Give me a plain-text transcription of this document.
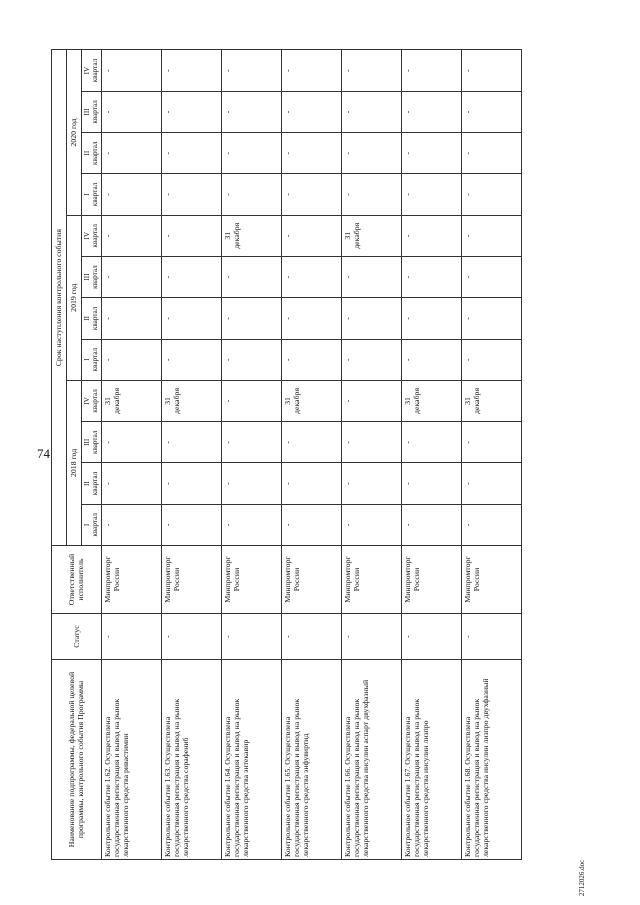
74
Наименование подпрограммы, федеральной целевой программы, контрольного события Программы	Статус	Ответственный исполнитель	Срок наступления контрольного события											
			2018 год				2019 год				2020 год			
			I
квартал	II
квартал	III
квартал	IV
квартал	I
квартал	II
квартал	III
квартал	IV
квартал	I
квартал	II
квартал	III
квартал	IV
квартал
Контрольное событие 1.62. Осуществлена государственная регистрация и вывод на рынок лекарственного средства ривастимин	-	Минпромторг России	-	-	-	31
декабря	-	-	-	-	-	-	-	-
Контрольное событие 1.63. Осуществлена государственная регистрация и вывод на рынок лекарственного средства сорафениб	-	Минпромторг России	-	-	-	31
декабря	-	-	-	-	-	-	-	-
Контрольное событие 1.64. Осуществлена государственная регистрация и вывод на рынок лекарственного средства энтекавир	-	Минпромторг России	-	-	-	-	-	-	-	31
декабря	-	-	-	-
Контрольное событие 1.65. Осуществлена государственная регистрация и вывод на рынок лекарственного средства энфувиртид	-	Минпромторг России	-	-	-	31
декабря	-	-	-	-	-	-	-	-
Контрольное событие 1.66. Осуществлена государственная регистрация и вывод на рынок лекарственного средства инсулин аспарт двухфазный	-	Минпромторг России	-	-	-	-	-	-	-	31
декабря	-	-	-	-
Контрольное событие 1.67. Осуществлена государственная регистрация и вывод на рынок лекарственного средства инсулин лизпро	-	Минпромторг России	-	-	-	31
декабря	-	-	-	-	-	-	-	-
Контрольное событие 1.68. Осуществлена государственная регистрация и вывод на рынок лекарственного средства инсулин лизпро двухфазный	-	Минпромторг России	-	-	-	31
декабря	-	-	-	-	-	-	-	-
2712026.doc
